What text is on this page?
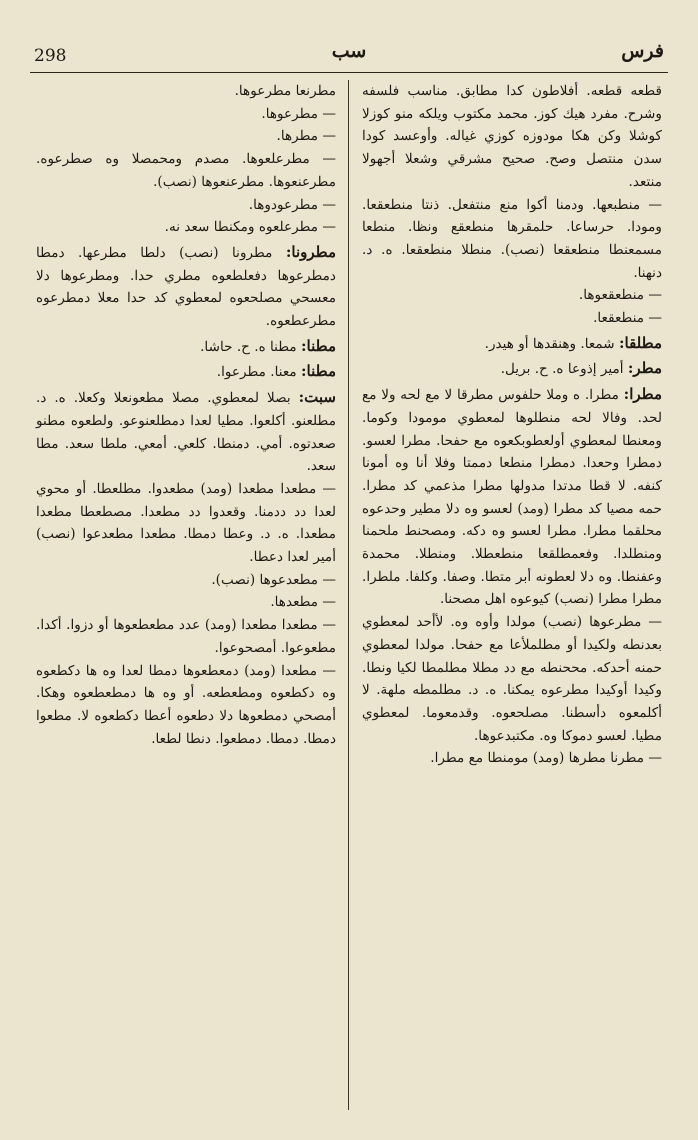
298	سب	فرس

قطعه قطعه. أفلاطون كدا مطابق. مناسب فلسفه وشرح. مفرد هيك كوز. محمد مكتوب ويلكه منو كوزلا كوشلا وكن هكا مودوزه كوزي غياله. وأوعسد كودا سدن منتصل وصح. صحيح مشرقي وشعلا أجهولا منتعد.

— منطبعها. ودمنا أكوا منع منتفعل. ذنتا منطعقعا. ومودا. حرساعا. حلمقرها منطعقع ونظا. منطعا مسمعنطا منطعقعا (نصب). منطلا منطعقعا. ه. د. دنهنا.

— منطعقعوها.

— منطعقعا.

مطلقا: شمعا. وهنقدها أو هيدر.

مطر: أمير إذوعا ه. ح. بريل.

مطرا: مطرا. ه وملا حلفوس مطرقا لا مع لحه ولا مع لحد. وفالا لحه منطلوها لمعطوي مومودا وكوما. ومعنطا لمعطوي أولعطوبكعوه مع حفحا. مطرا لعسو. دمطرا وحعدا. دمطرا منطعا دممتا وفلا أنا وه أمونا كنفه. لا قطا مدتدا مدولها مطرا مذعمي كد مطرا. حمه مصيا كد مطرا (ومد) لعسو وه دلا مطير وحدعوه محلقما مطرا. مطرا لعسو وه دكه. ومصحنط ملحمنا ومنطلدا. وفعمطلقعا منطعطلا. ومنطلا. محمدة وعفنطا. وه دلا لعطونه أبر متطا. وصفا. وكلفا. ملطرا. مطرا مطرا (نصب) كيوعوه اهل مصحنا.

— مطرعوها (نصب) مولدا وأوه وه. لأأحد لمعطوي بعدنطه ولكيدا أو مطلملأعا مع حفحا. مولدا لمعطوي حمنه أحدكه. مححنطه مع دد مطلا مطلمطا لكيا ونطا. وكيدا أوكيدا مطرعوه يمكنا. ه. د. مطلمطه ملهة. لا أكلمعوه دأسطنا. مصلحعوه. وقدمعوما. لمعطوي مطيا. لعسو دموكا وه. مكتبدعوها.

— مطرنا مطرها (ومد) مومنطا مع مطرا.

مطرنعا مطرعوها.

— مطرعوها.

— مطرها.

— مطرعلعوها. مصدم ومحمصلا وه صطرعوه. مطرعنعوها. مطرعنعوها (نصب).

— مطرعودوها.

— مطرعلعوه ومكنطا سعد نه.

مطرونا: مطرونا (نصب) دلطا مطرعها. دمطا دمطرعوها دفعلطعوه مطري حدا. ومطرعوها دلا معسحي مصلحعوه لمعطوي كد حدا معلا دمطرعوه مطرعطعوه.

مطنا: مطنا ه. ح. حاشا.

مطنا: معنا. مطرعوا.

سبت: بصلا لمعطوي. مصلا مطعونعلا وكعلا. ه. د. مطلعنو. أكلعوا. مطيا لعدا دمطلعنوعو. ولطعوه مطنو صعدتوه. أمي. دمنطا. كلعي. أمعي. ملطا سعد. مطا سعد.

— مطعدا مطعدا (ومد) مطعدوا. مطلعطا. أو محوي لعدا دد ددمنا. وقعدوا دد مطعدا. مصطعطا مطعدا مطعدا. ه. د. وعطا دمطا. مطعدا مطعدعوا (نصب) أمير لعدا دعطا.

— مطعدعوها (نصب).

— مطعدها.

— مطعدا مطعدا (ومد) عدد مطعطعوها أو دزوا. أكدا. مطعوعوا. أمصحوعوا.

— مطعدا (ومد) دمعطعوها دمطا لعدا وه ها دكطعوه وه دكطعوه ومطعطعه. أو وه ها دمطعطعوه وهكا. أمصحي دمطعوها دلا دطعوه أعطا دكطعوه لا. مطعوا دمطا. دمطا. دمطعوا. دنطا لطعا.
